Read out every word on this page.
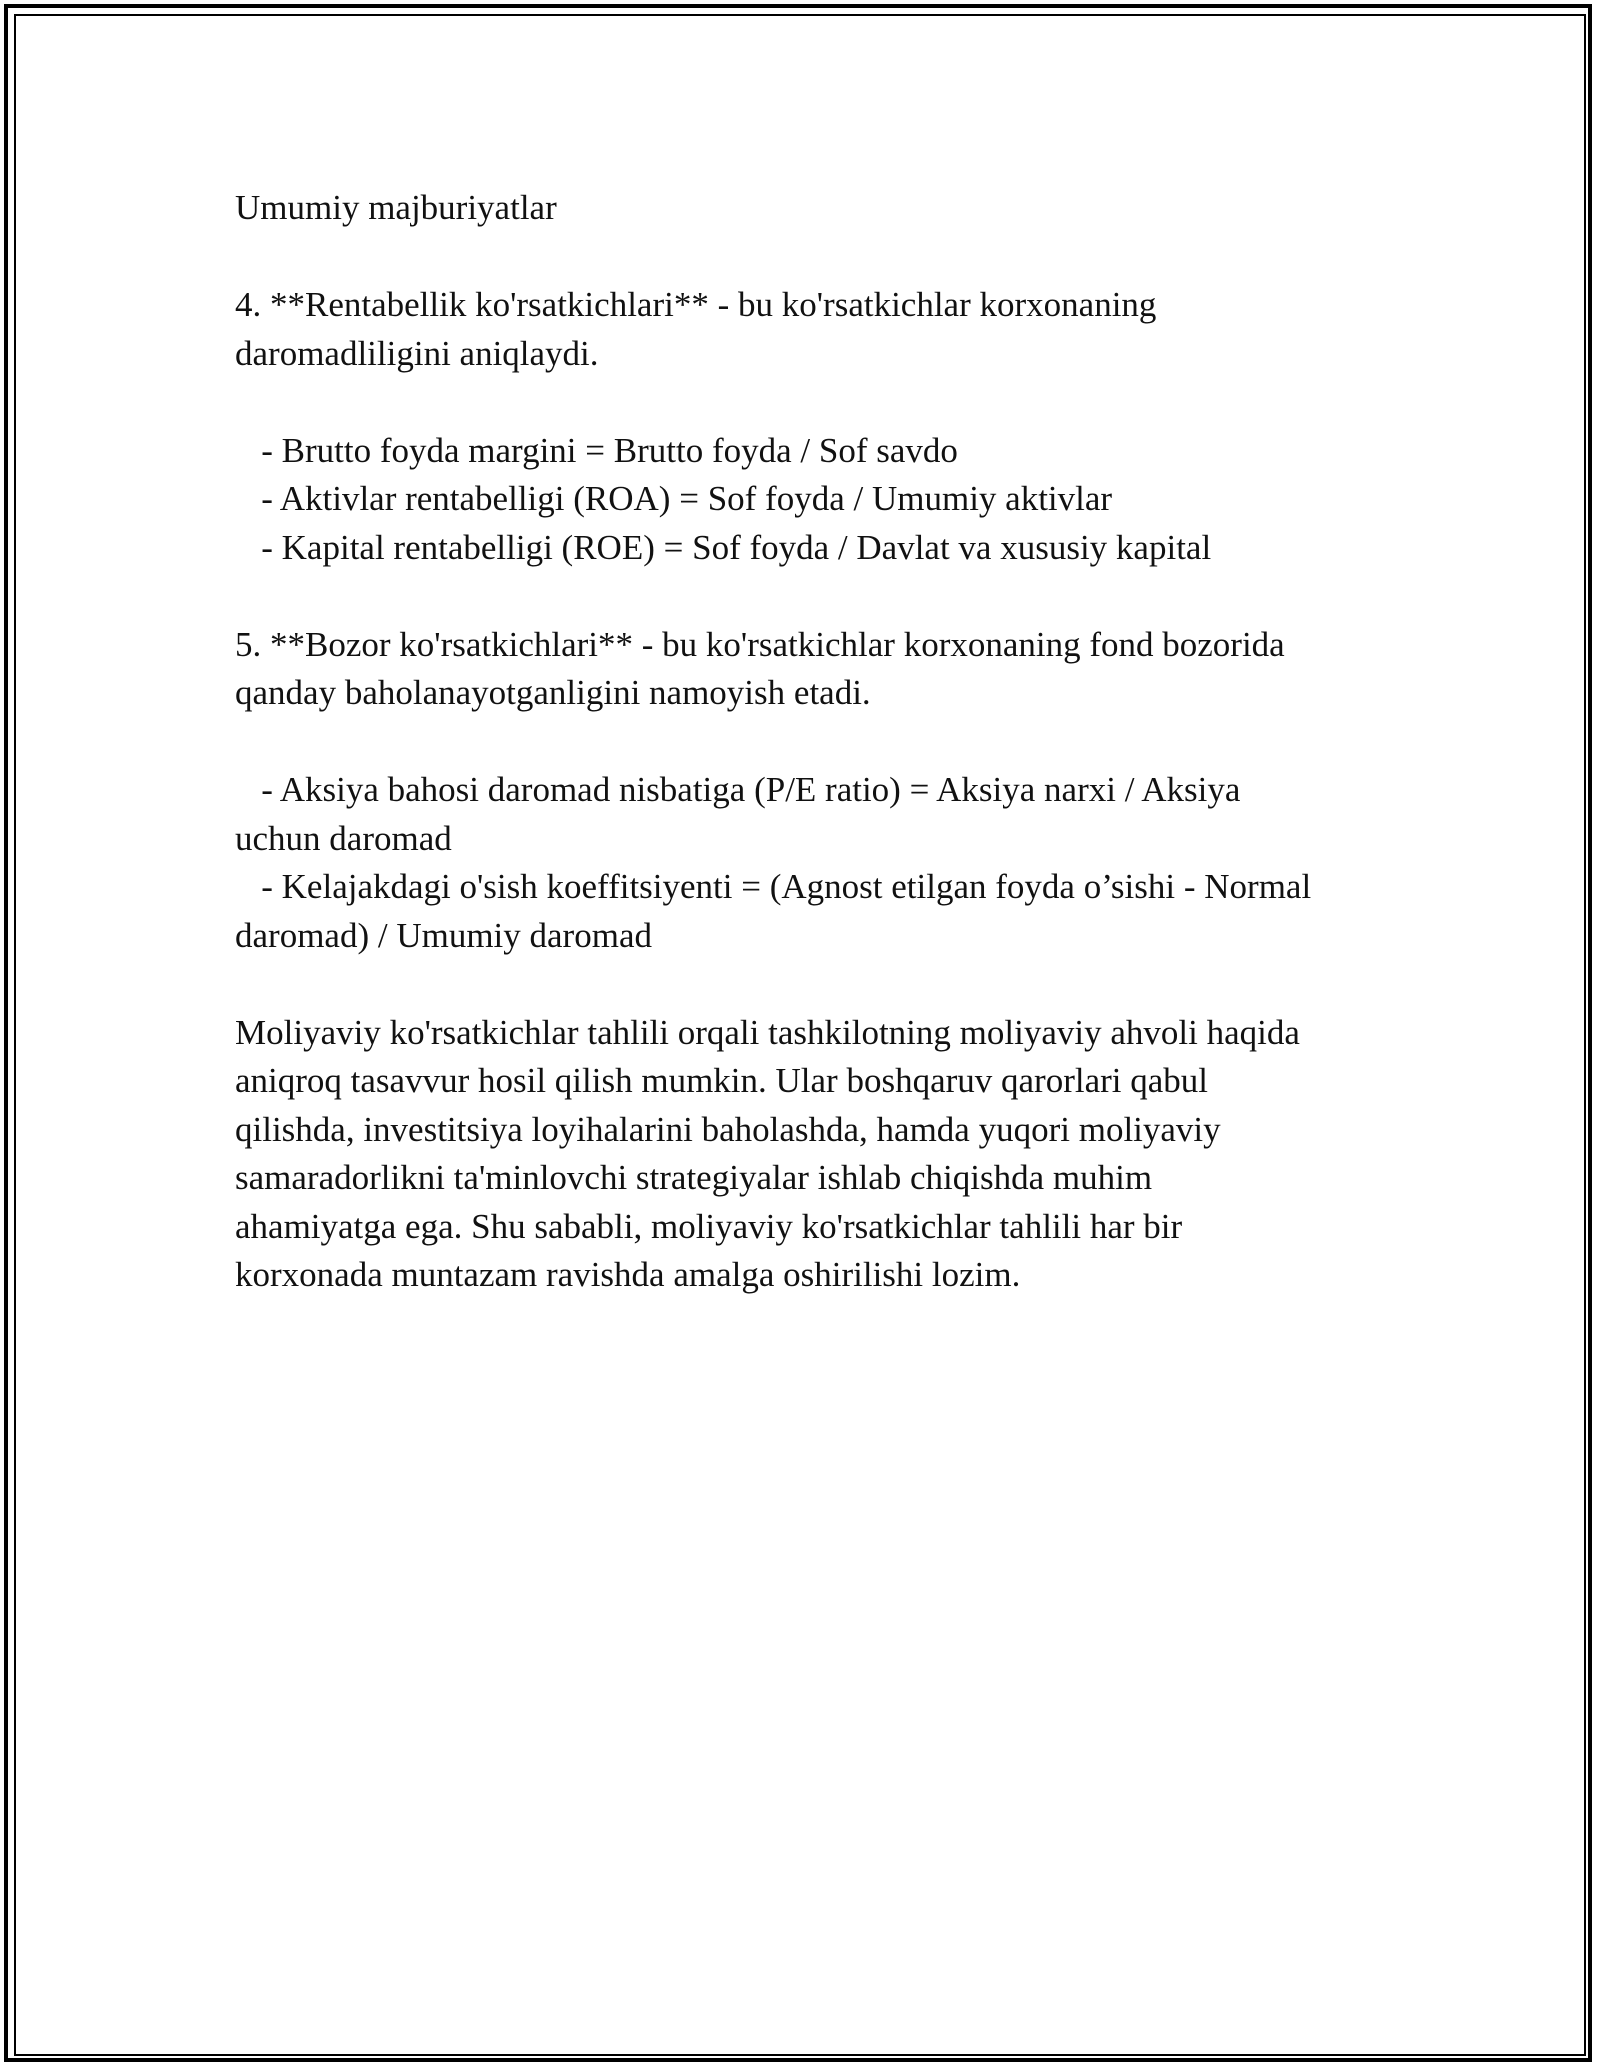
Umumiy majburiyatlar

4. **Rentabellik ko'rsatkichlari** - bu ko'rsatkichlar korxonaning

daromadliligini aniqlaydi.

- Brutto foyda margini = Brutto foyda / Sof savdo

- Aktivlar rentabelligi (ROA) = Sof foyda / Umumiy aktivlar

- Kapital rentabelligi (ROE) = Sof foyda / Davlat va xususiy kapital

5. **Bozor ko'rsatkichlari** - bu ko'rsatkichlar korxonaning fond bozorida

qanday baholanayotganligini namoyish etadi.

- Aksiya bahosi daromad nisbatiga (P/E ratio) = Aksiya narxi / Aksiya

uchun daromad

- Kelajakdagi o'sish koeffitsiyenti = (Agnost etilgan foyda o’sishi - Normal

daromad) / Umumiy daromad

Moliyaviy ko'rsatkichlar tahlili orqali tashkilotning moliyaviy ahvoli haqida

aniqroq tasavvur hosil qilish mumkin. Ular boshqaruv qarorlari qabul

qilishda, investitsiya loyihalarini baholashda, hamda yuqori moliyaviy

samaradorlikni ta'minlovchi strategiyalar ishlab chiqishda muhim

ahamiyatga ega. Shu sababli, moliyaviy ko'rsatkichlar tahlili har bir

korxonada muntazam ravishda amalga oshirilishi lozim.
